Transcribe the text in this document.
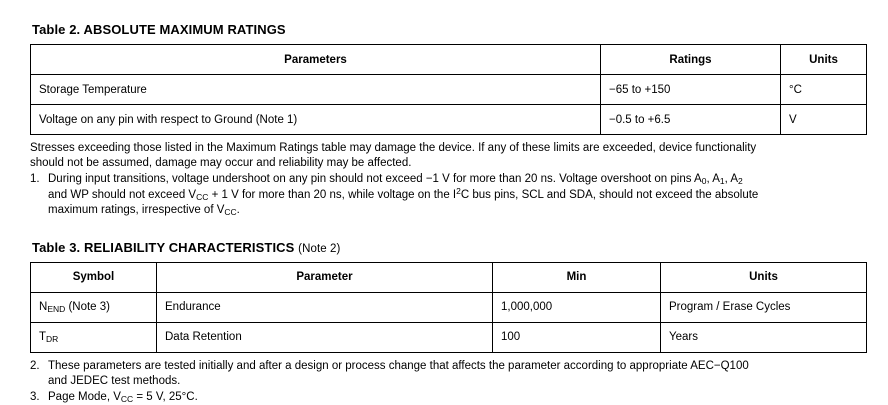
Table 2. ABSOLUTE MAXIMUM RATINGS
Parameters	Ratings	Units
Storage Temperature	−65 to +150	°C
Voltage on any pin with respect to Ground (Note 1)	−0.5 to +6.5	V

Stresses exceeding those listed in the Maximum Ratings table may damage the device. If any of these limits are exceeded, device functionality

should not be assumed, damage may occur and reliability may be affected.

1. During input transitions, voltage undershoot on any pin should not exceed −1 V for more than 20 ns. Voltage overshoot on pins $A_0$, $A_1$, $A_2$
and WP should not exceed $V_{CC} + 1$ V for more than 20 ns, while voltage on the $I^2C$ bus pins, SCL and SDA, should not exceed the absolute
maximum ratings, irrespective of $V_{CC}$.
Table 3. RELIABILITY CHARACTERISTICS (Note 2)
Symbol	Parameter	Min	Units
$N_{END}$ (Note 3)	Endurance	1,000,000	Program / Erase Cycles
$T_{DR}$	Data Retention	100	Years
2. These parameters are tested initially and after a design or process change that affects the parameter according to appropriate AEC−Q100
and JEDEC test methods.
3. Page Mode, $V_{CC} = 5$ V, 25°C.
